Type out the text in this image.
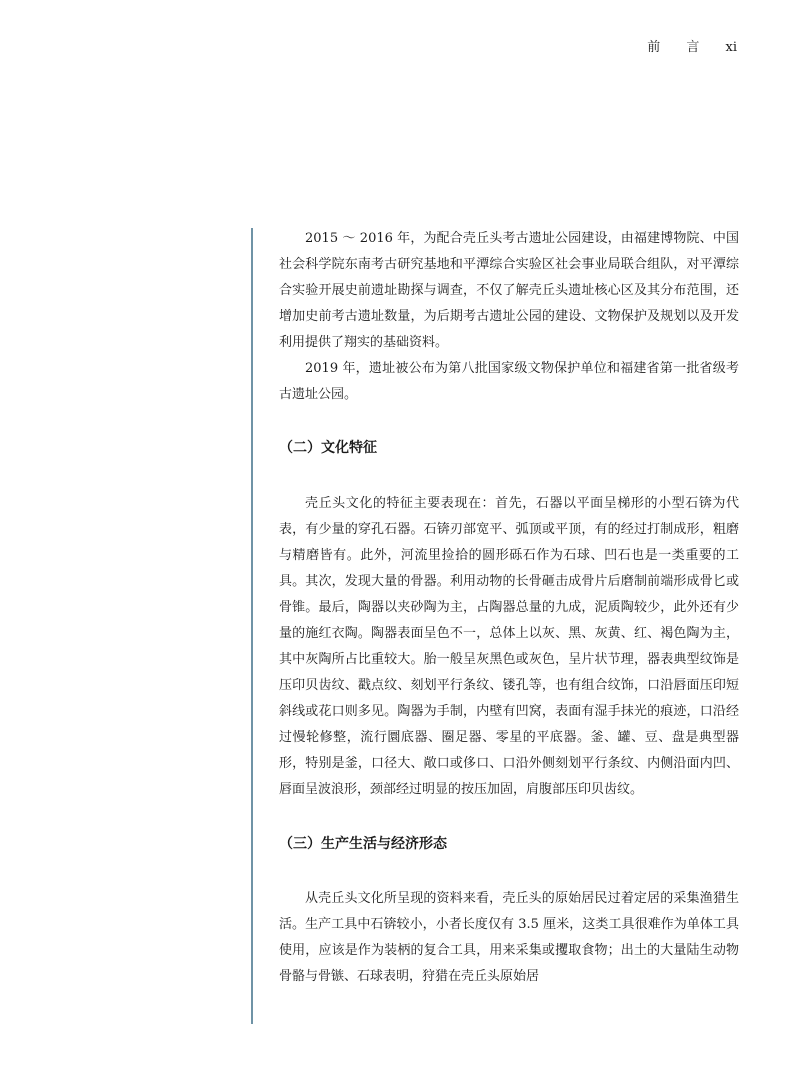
前 言 xi

2015 ～ 2016 年，为配合壳丘头考古遗址公园建设，由福建博物院、中国社会科学院东南考古研究基地和平潭综合实验区社会事业局联合组队，对平潭综合实验开展史前遗址勘探与调查，不仅了解壳丘头遗址核心区及其分布范围，还增加史前考古遗址数量，为后期考古遗址公园的建设、文物保护及规划以及开发利用提供了翔实的基础资料。

2019 年，遗址被公布为第八批国家级文物保护单位和福建省第一批省级考古遗址公园。

（二）文化特征

壳丘头文化的特征主要表现在：首先，石器以平面呈梯形的小型石锛为代表，有少量的穿孔石器。石锛刃部宽平、弧顶或平顶，有的经过打制成形，粗磨与精磨皆有。此外，河流里捡拾的圆形砾石作为石球、凹石也是一类重要的工具。其次，发现大量的骨器。利用动物的长骨砸击成骨片后磨制前端形成骨匕或骨锥。最后，陶器以夹砂陶为主，占陶器总量的九成，泥质陶较少，此外还有少量的施红衣陶。陶器表面呈色不一，总体上以灰、黑、灰黄、红、褐色陶为主，其中灰陶所占比重较大。胎一般呈灰黑色或灰色，呈片状节理，器表典型纹饰是压印贝齿纹、戳点纹、刻划平行条纹、镂孔等，也有组合纹饰，口沿唇面压印短斜线或花口则多见。陶器为手制，内壁有凹窝，表面有湿手抹光的痕迹，口沿经过慢轮修整，流行圜底器、圈足器、零星的平底器。釜、罐、豆、盘是典型器形，特别是釜，口径大、敞口或侈口、口沿外侧刻划平行条纹、内侧沿面内凹、唇面呈波浪形，颈部经过明显的按压加固，肩腹部压印贝齿纹。

（三）生产生活与经济形态

从壳丘头文化所呈现的资料来看，壳丘头的原始居民过着定居的采集渔猎生活。生产工具中石锛较小，小者长度仅有 3.5 厘米，这类工具很难作为单体工具使用，应该是作为装柄的复合工具，用来采集或攫取食物；出土的大量陆生动物骨骼与骨镞、石球表明，狩猎在壳丘头原始居
